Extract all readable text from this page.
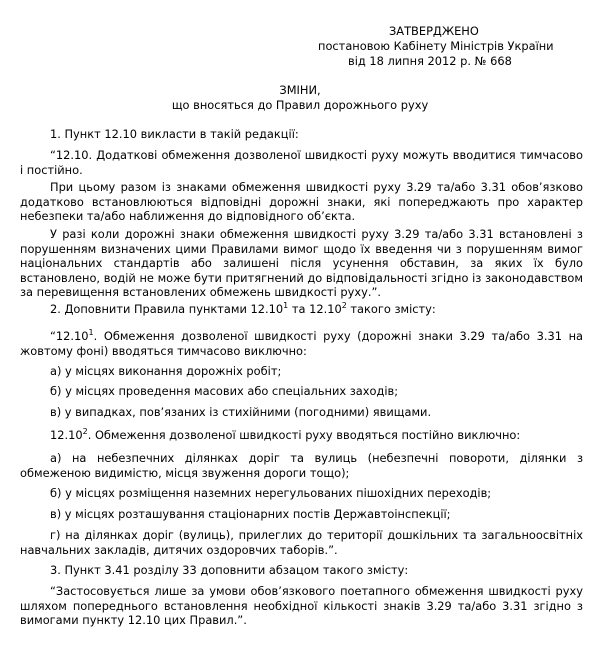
ЗАТВЕРДЖЕНО
постановою Кабінету Міністрів України
від 18 липня 2012 р. № 668
ЗМІНИ,
що вносяться до Правил дорожнього руху
1. Пункт 12.10 викласти в такій редакції:
“12.10. Додаткові обмеження дозволеної швидкості руху можуть вводитися тимчасово і постійно.
При цьому разом із знаками обмеження швидкості руху 3.29 та/або 3.31 обов’язково додатково встановлюються відповідні дорожні знаки, які попереджають про характер небезпеки та/або наближення до відповідного об’єкта.
У разі коли дорожні знаки обмеження швидкості руху 3.29 та/або 3.31 встановлені з порушенням визначених цими Правилами вимог щодо їх введення чи з порушенням вимог національних стандартів або залишені після усунення обставин, за яких їх було встановлено, водій не може бути притягнений до відповідальності згідно із законодавством за перевищення встановлених обмежень швидкості руху.”.
2. Доповнити Правила пунктами 12.10$^1$ та 12.10$^2$ такого змісту:
“12.10$^1$. Обмеження дозволеної швидкості руху (дорожні знаки 3.29 та/або 3.31 на жовтому фоні) вводяться тимчасово виключно:
а) у місцях виконання дорожніх робіт;
б) у місцях проведення масових або спеціальних заходів;
в) у випадках, пов’язаних із стихійними (погодними) явищами.
12.10$^2$. Обмеження дозволеної швидкості руху вводяться постійно виключно:
а) на небезпечних ділянках доріг та вулиць (небезпечні повороти, ділянки з обмеженою видимістю, місця звуження дороги тощо);
б) у місцях розміщення наземних нерегульованих пішохідних переходів;
в) у місцях розташування стаціонарних постів Державтоінспекції;
г) на ділянках доріг (вулиць), прилеглих до території дошкільних та загальноосвітніх навчальних закладів, дитячих оздоровчих таборів.”.
3. Пункт 3.41 розділу 33 доповнити абзацом такого змісту:
“Застосовується лише за умови обов’язкового поетапного обмеження швидкості руху шляхом попереднього встановлення необхідної кількості знаків 3.29 та/або 3.31 згідно з вимогами пункту 12.10 цих Правил.”.
